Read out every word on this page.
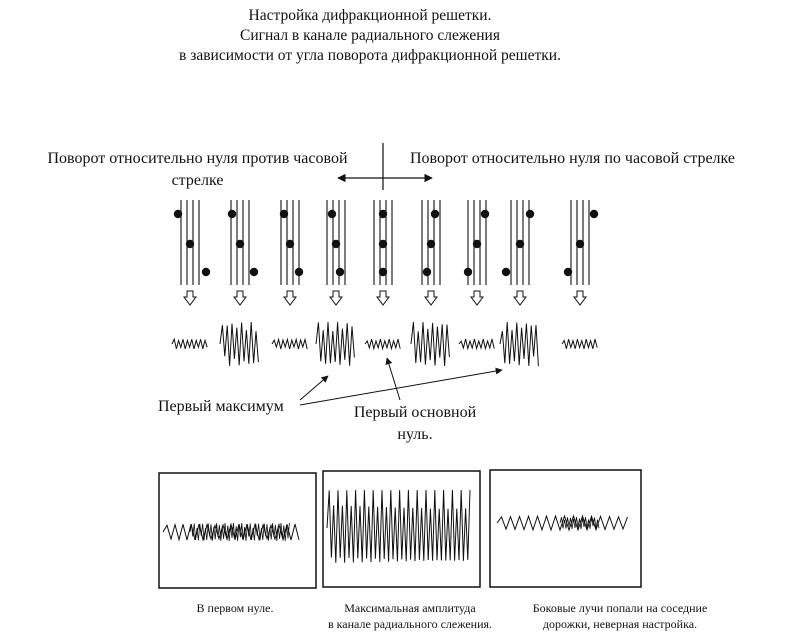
Настройка дифракционной решетки.
Сигнал в канале радиального слежения
в зависимости от угла поворота дифракционной решетки.
Поворот относительно нуля против часовой
стрелке
Поворот относительно нуля по часовой стрелке
Первый максимум	Первый основной
нуль.
В первом нуле.	Максимальная амплитуда
в канале радиального слежения.
Боковые лучи попали на соседние
дорожки, неверная настройка.
